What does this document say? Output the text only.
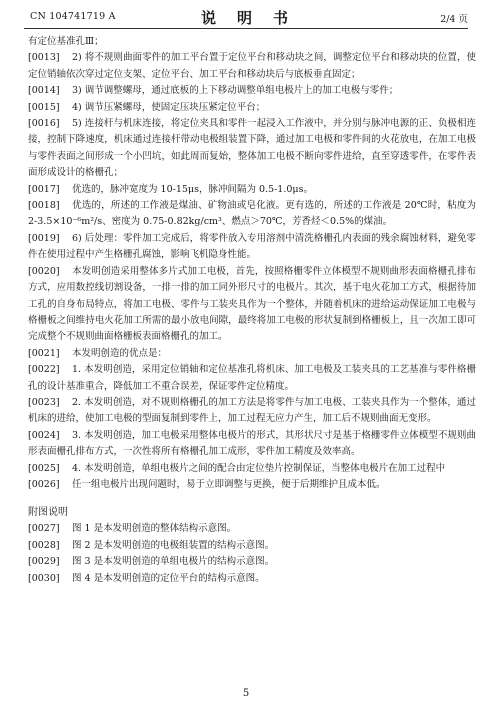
CN 104741719 A	说　明　书	2/4 页

有定位基准孔Ⅲ；

[0013] 2) 将不规则曲面零件的加工平台置于定位平台和移动块之间，调整定位平台和移动块的位置，使定位销轴依次穿过定位支架、定位平台、加工平台和移动块后与底板垂直固定；

[0014] 3) 调节调整螺母，通过底板的上下移动调整单组电极片上的加工电极与零件；

[0015] 4) 调节压紧螺母，使固定压块压紧定位平台；

[0016] 5) 连接杆与机床连接，将定位夹具和零件一起浸入工作液中，并分别与脉冲电源的正、负极相连接，控制下降速度，机床通过连接杆带动电极组装置下降，通过加工电极和零件间的火花放电，在加工电极与零件表面之间形成一个小凹坑，如此周而复始，整体加工电极不断向零件进给，直至穿透零件，在零件表面形成设计的格栅孔；

[0017] 优选的，脉冲宽度为 10-15μs，脉冲间隔为 0.5-1.0μs。

[0018] 优选的，所述的工作液是煤油、矿物油或皂化液。更有选的，所述的工作液是 20℃时，粘度为 2-3.5×10⁻⁶m²/s、密度为 0.75-0.82kg/cm³、燃点＞70℃，芳香烃＜0.5%的煤油。

[0019] 6) 后处理：零件加工完成后，将零件放入专用溶剂中清洗格栅孔内表面的残余腐蚀材料，避免零件在使用过程中产生格栅孔腐蚀，影响飞机隐身性能。

[0020] 本发明创造采用整体多片式加工电极，首先，按照格栅零件立体模型不规则曲形表面格栅孔排布方式，应用数控线切割设备，一排一排的加工同外形尺寸的电极片。其次，基于电火花加工方式，根据待加工孔的自身布局特点，将加工电极、零件与工装夹具作为一个整体，并随着机床的进给运动保证加工电极与格栅板之间维持电火花加工所需的最小放电间隙，最终将加工电极的形状复制到格栅板上，且一次加工即可完成整个不规则曲面格栅板表面格栅孔的加工。

[0021] 本发明创造的优点是：

[0022] 1. 本发明创造，采用定位销轴和定位基准孔将机床、加工电极及工装夹具的工艺基准与零件格栅孔的设计基准重合，降低加工不重合误差，保证零件定位精度。

[0023] 2. 本发明创造，对不规则格栅孔的加工方法是将零件与加工电极、工装夹具作为一个整体，通过机床的进给，使加工电极的型面复制到零件上，加工过程无应力产生，加工后不规则曲面无变形。

[0024] 3. 本发明创造，加工电极采用整体电极片的形式，其形状尺寸是基于格栅零件立体模型不规则曲形表面栅孔排布方式，一次性将所有格栅孔加工成形，零件加工精度及效率高。

[0025] 4. 本发明创造，单组电极片之间的配合由定位垫片控制保证，当整体电极片在加工过程中

[0026] 任一组电极片出现问题时，易于立即调整与更换，便于后期维护且成本低。

附图说明
[0027] 图 1 是本发明创造的整体结构示意图。
[0028] 图 2 是本发明创造的电极组装置的结构示意图。
[0029] 图 3 是本发明创造的单组电极片的结构示意图。
[0030] 图 4 是本发明创造的定位平台的结构示意图。
5
